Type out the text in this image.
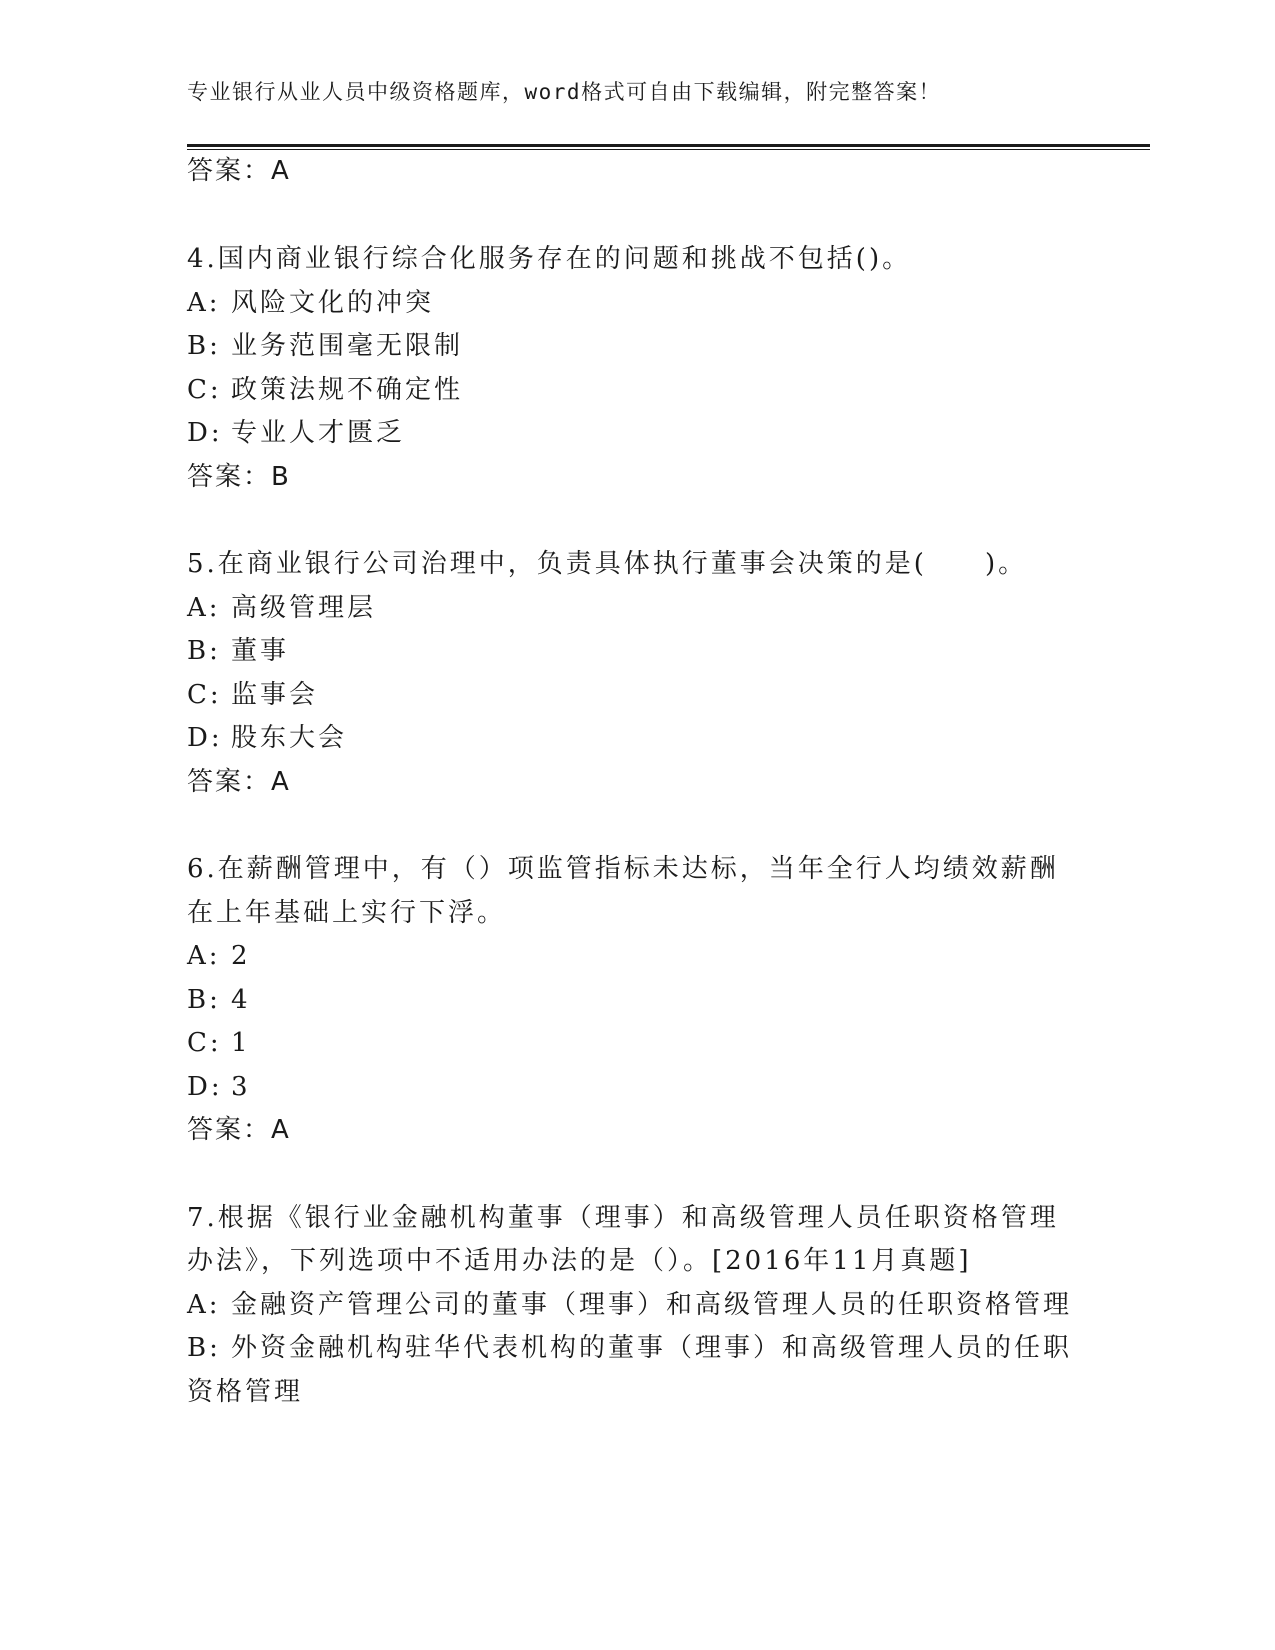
专业银行从业人员中级资格题库，word格式可自由下载编辑，附完整答案！
答案：A
4.国内商业银行综合化服务存在的问题和挑战不包括()。
A: 风险文化的冲突
B: 业务范围毫无限制
C: 政策法规不确定性
D: 专业人才匮乏
答案：B
5.在商业银行公司治理中，负责具体执行董事会决策的是(　　)。
A: 高级管理层
B: 董事
C: 监事会
D: 股东大会
答案：A
6.在薪酬管理中，有（）项监管指标未达标，当年全行人均绩效薪酬
在上年基础上实行下浮。
A: 2
B: 4
C: 1
D: 3
答案：A
7.根据《银行业金融机构董事（理事）和高级管理人员任职资格管理
办法》，下列选项中不适用办法的是（）。[2016年11月真题]
A: 金融资产管理公司的董事（理事）和高级管理人员的任职资格管理
B: 外资金融机构驻华代表机构的董事（理事）和高级管理人员的任职
资格管理
